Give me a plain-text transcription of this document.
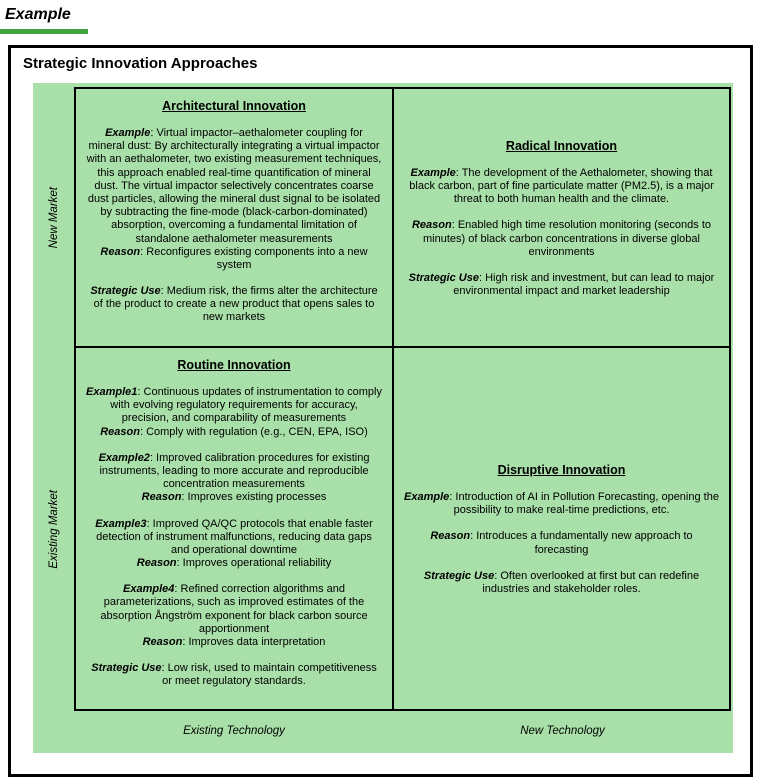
Example
Strategic Innovation Approaches
New Market
Existing Market

Architectural Innovation

Example: Virtual impactor–aethalometer coupling for mineral dust: By architecturally integrating a virtual impactor with an aethalometer, two existing measurement techniques, this approach enabled real-time quantification of mineral dust. The virtual impactor selectively concentrates coarse dust particles, allowing the mineral dust signal to be isolated by subtracting the fine-mode (black-carbon-dominated) absorption, overcoming a fundamental limitation of standalone aethalometer measurements

Reason: Reconfigures existing components into a new system

Strategic Use: Medium risk, the firms alter the architecture of the product to create a new product that opens sales to new markets

Radical Innovation

Example: The development of the Aethalometer, showing that black carbon, part of fine particulate matter (PM2.5), is a major threat to both human health and the climate.

Reason: Enabled high time resolution monitoring (seconds to minutes) of black carbon concentrations in diverse global environments

Strategic Use: High risk and investment, but can lead to major environmental impact and market leadership

Routine Innovation

Example1: Continuous updates of instrumentation to comply with evolving regulatory requirements for accuracy, precision, and comparability of measurements

Reason: Comply with regulation (e.g., CEN, EPA, ISO)

Example2: Improved calibration procedures for existing instruments, leading to more accurate and reproducible concentration measurements

Reason: Improves existing processes

Example3: Improved QA/QC protocols that enable faster detection of instrument malfunctions, reducing data gaps and operational downtime

Reason: Improves operational reliability

Example4: Refined correction algorithms and parameterizations, such as improved estimates of the absorption Ångström exponent for black carbon source apportionment

Reason: Improves data interpretation

Strategic Use: Low risk, used to maintain competitiveness or meet regulatory standards.

Disruptive Innovation

Example: Introduction of AI in Pollution Forecasting, opening the possibility to make real-time predictions, etc.

Reason: Introduces a fundamentally new approach to forecasting

Strategic Use: Often overlooked at first but can redefine industries and stakeholder roles.

Existing Technology	New Technology
